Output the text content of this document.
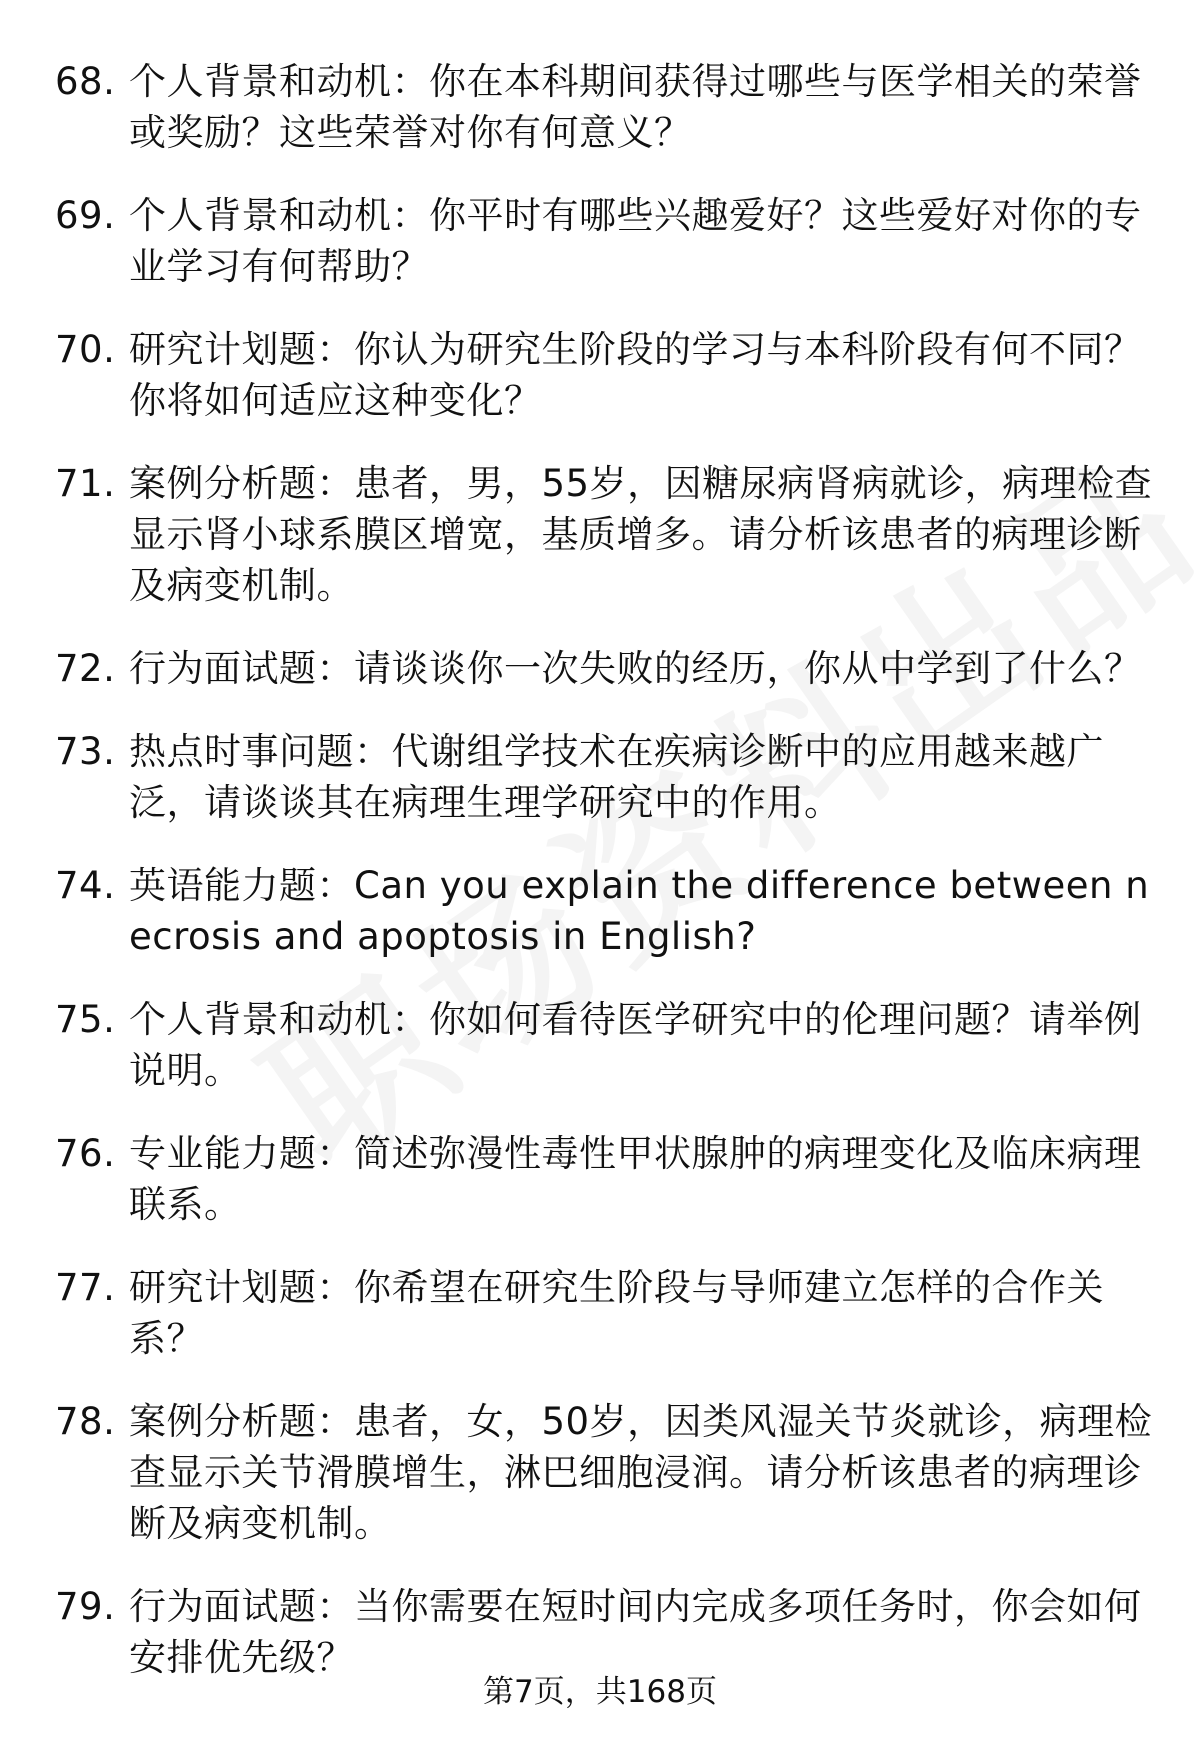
68. 个人背景和动机：你在本科期间获得过哪些与医学相关的荣誉或奖励？这些荣誉对你有何意义？
69. 个人背景和动机：你平时有哪些兴趣爱好？这些爱好对你的专业学习有何帮助？
70. 研究计划题：你认为研究生阶段的学习与本科阶段有何不同？你将如何适应这种变化？
71. 案例分析题：患者，男，55岁，因糖尿病肾病就诊，病理检查显示肾小球系膜区增宽，基质增多。请分析该患者的病理诊断及病变机制。
72. 行为面试题：请谈谈你一次失败的经历，你从中学到了什么？
73. 热点时事问题：代谢组学技术在疾病诊断中的应用越来越广泛，请谈谈其在病理生理学研究中的作用。
74. 英语能力题：Can you explain the difference between necrosis and apoptosis in English?
75. 个人背景和动机：你如何看待医学研究中的伦理问题？请举例说明。
76. 专业能力题：简述弥漫性毒性甲状腺肿的病理变化及临床病理联系。
77. 研究计划题：你希望在研究生阶段与导师建立怎样的合作关系？
78. 案例分析题：患者，女，50岁，因类风湿关节炎就诊，病理检查显示关节滑膜增生，淋巴细胞浸润。请分析该患者的病理诊断及病变机制。
79. 行为面试题：当你需要在短时间内完成多项任务时，你会如何安排优先级？
第7页，共168页
